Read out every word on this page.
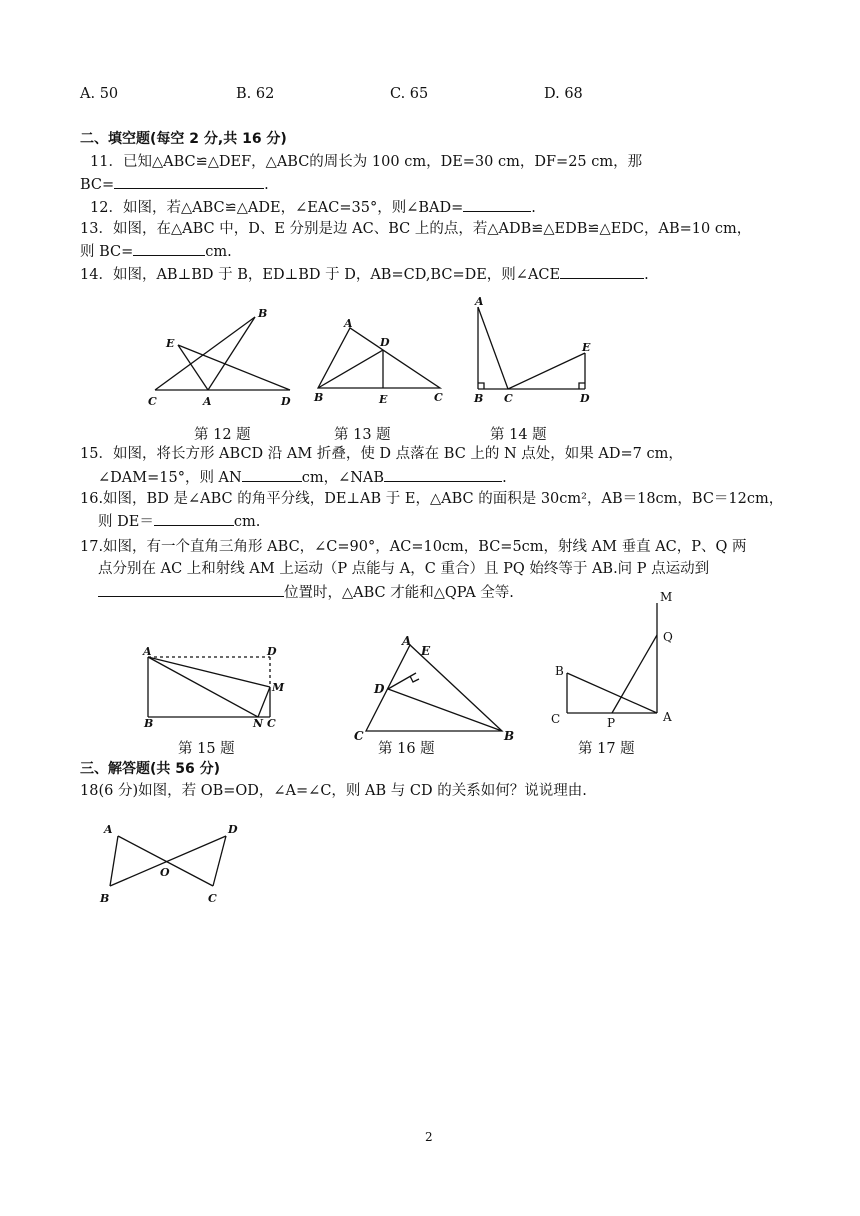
A. 50	B. 62	C. 65	D. 68
二、填空题(每空 2 分,共 16 分)
11．已知△ABC≌△DEF，△ABC的周长为 100 cm，DE=30 cm，DF=25 cm，那
BC=	.
12．如图，若△ABC≌△ADE，∠EAC=35°，则∠BAD=	.
13．如图，在△ABC 中，D、E 分别是边 AC、BC 上的点，若△ADB≌△EDB≌△EDC，AB=10 cm，
则 BC=	cm.
14．如图，AB⊥BD 于 B，ED⊥BD 于 D，AB=CD,BC=DE，则∠ACE	.
B
E
C	A	D
第 12 题
A
D
B	E	C
第 13 题
A
E
B C	D
第 14 题
15．如图，将长方形 ABCD 沿 AM 折叠，使 D 点落在 BC 上的 N 点处，如果 AD=7 cm，
∠DAM=15°，则 AN	cm，∠NAB	.
16.如图，BD 是∠ABC 的角平分线，DE⊥AB 于 E，△ABC 的面积是 30cm²，AB＝18cm，BC＝12cm，
则 DE＝	cm.
17.如图，有一个直角三角形 ABC，∠C=90°，AC=10cm，BC=5cm，射线 AM 垂直 AC，P、Q 两
点分别在 AC 上和射线 AM 上运动（P 点能与 A，C 重合）且 PQ 始终等于 AB.问 P 点运动到
位置时，△ABC 才能和△QPA 全等.
A	D
M
B	N C
第 15 题
A
E
D
C	B
第 16 题
M
Q
B
C	P	A
第 17 题
三、解答题(共 56 分)
18(6 分)如图，若 OB=OD，∠A=∠C，则 AB 与 CD 的关系如何？说说理由.
A	D
O
B	C
2
